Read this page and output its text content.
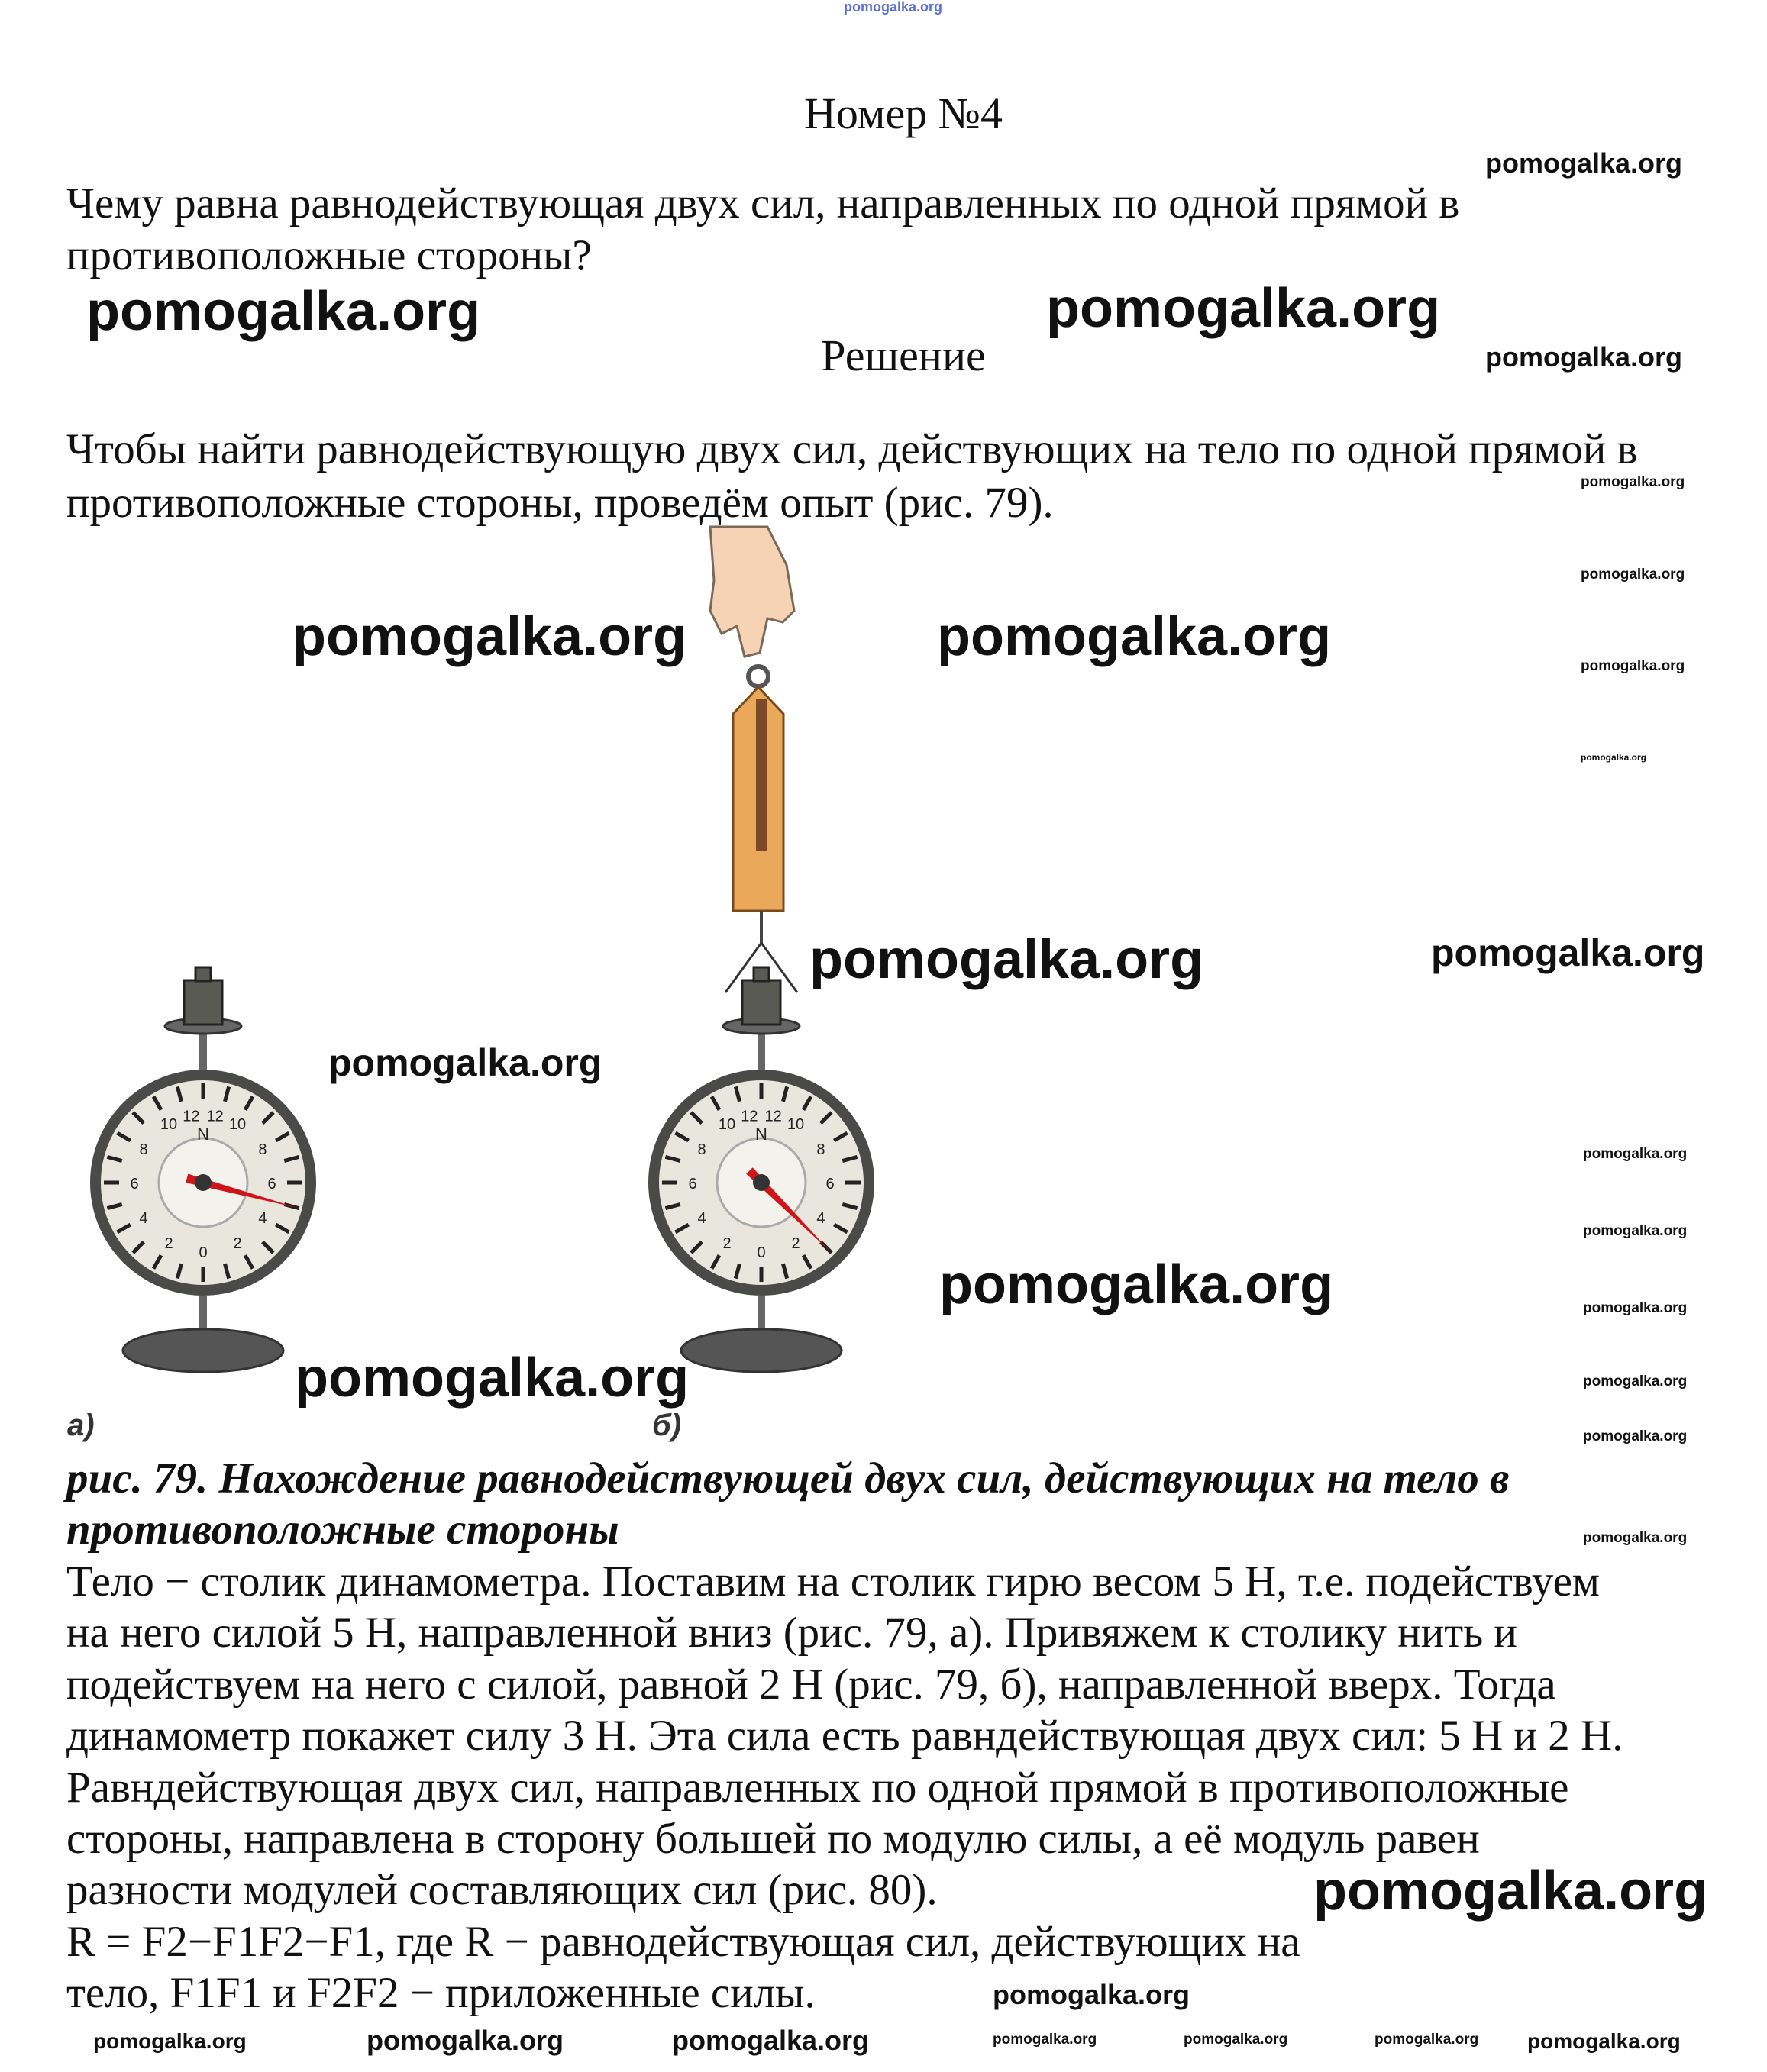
0
2
4
6
8
10
12
2
4
6
8
10 12
N
0
2
4
6
8
10
12
2
4
6
8
10 12
N
pomogalka.org
Номер №4
Чему равна равнодействующая двух сил, направленных по одной прямой в
противоположные стороны?
Решение
Чтобы найти равнодействующую двух сил, действующих на тело по одной прямой в
противоположные стороны, проведём опыт (рис. 79).
а)	б)
рис. 79. Нахождение равнодействующей двух сил, действующих на тело в
противоположные стороны
Тело − столик динамометра. Поставим на столик гирю весом 5 Н, т.е. подействуем
на него силой 5 Н, направленной вниз (рис. 79, а). Привяжем к столику нить и
подействуем на него с силой, равной 2 Н (рис. 79, б), направленной вверх. Тогда
динамометр покажет силу 3 Н. Эта сила есть равндействующая двух сил: 5 Н и 2 Н.
Равндействующая двух сил, направленных по одной прямой в противоположные
стороны, направлена в сторону большей по модулю силы, а её модуль равен
разности модулей составляющих сил (рис. 80).
R = F2−F1F2−F1, где R − равнодействующая сил, действующих на
тело, F1F1 и F2F2 − приложенные силы.
pomogalka.org
pomogalka.org	pomogalka.org
pomogalka.org
pomogalka.org
pomogalka.org
pomogalka.org
pomogalka.org
pomogalka.org	pomogalka.org
pomogalka.org	pomogalka.org
pomogalka.org
pomogalka.org
pomogalka.org
pomogalka.org
pomogalka.org
pomogalka.org
pomogalka.org
pomogalka.org
pomogalka.org
pomogalka.org
pomogalka.org	pomogalka.org	pomogalka.org	pomogalka.org
pomogalka.org
pomogalka.org pomogalka.org
pomogalka.org
